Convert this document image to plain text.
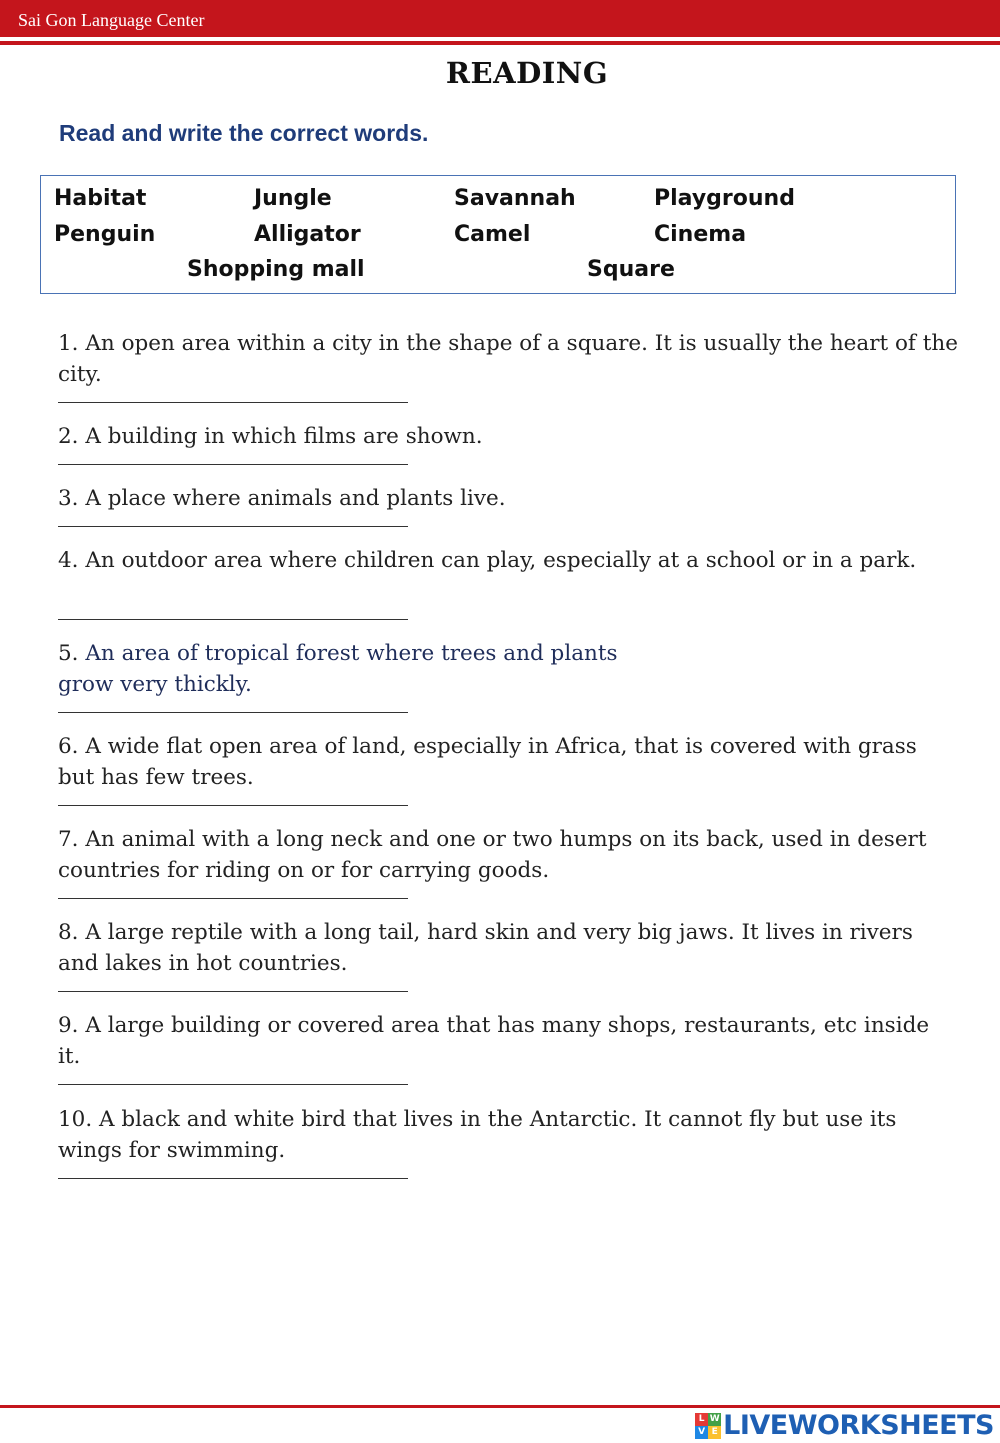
Sai Gon Language Center
READING
Read and write the correct words.
Habitat	Jungle	Savannah	Playground
Penguin	Alligator	Camel	Cinema
Shopping mall	Square
1. An open area within a city in the shape of a square. It is usually the heart of the city.
2. A building in which films are shown.
3. A place where animals and plants live.
4. An outdoor area where children can play, especially at a school or in a park.
5. An area of tropical forest where trees and plants
grow very thickly.
6. A wide flat open area of land, especially in Africa, that is covered with grass but has few trees.
7. An animal with a long neck and one or two humps on its back, used in desert countries for riding on or for carrying goods.
8. A large reptile with a long tail, hard skin and very big jaws. It lives in rivers and lakes in hot countries.
9. A large building or covered area that has many shops, restaurants, etc inside it.
10. A black and white bird that lives in the Antarctic. It cannot fly but use its wings for swimming.
L W
V E LIVEWORKSHEETS
